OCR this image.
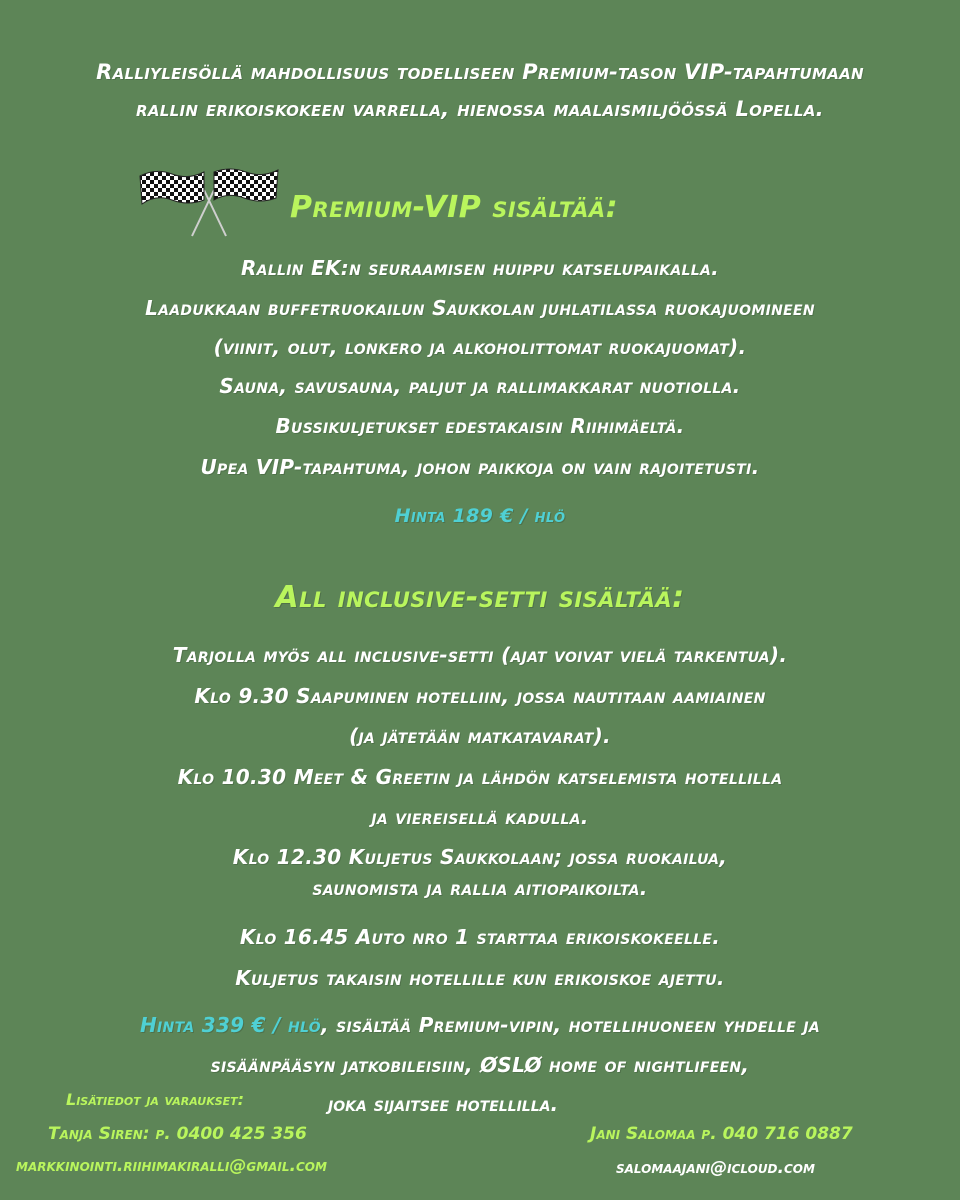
Ralliyleisöllä mahdollisuus todelliseen Premium-tason VIP-tapahtumaan
rallin erikoiskokeen varrella, hienossa maalaismiljöössä Lopella.
Premium-VIP sisältää:
Rallin EK:n seuraamisen huippu katselupaikalla.
Laadukkaan buffetruokailun Saukkolan juhlatilassa ruokajuomineen
(viinit, olut, lonkero ja alkoholittomat ruokajuomat).
Sauna, savusauna, paljut ja rallimakkarat nuotiolla.
Bussikuljetukset edestakaisin Riihimäeltä.
Upea VIP-tapahtuma, johon paikkoja on vain rajoitetusti.
Hinta 189 € / hlö
All inclusive-setti sisältää:
Tarjolla myös all inclusive-setti (ajat voivat vielä tarkentua).
Klo 9.30 Saapuminen hotelliin, jossa nautitaan aamiainen
(ja jätetään matkatavarat).
Klo 10.30 Meet & Greetin ja lähdön katselemista hotellilla
ja viereisellä kadulla.
Klo 12.30 Kuljetus Saukkolaan; jossa ruokailua,
saunomista ja rallia aitiopaikoilta.
Klo 16.45 Auto nro 1 starttaa erikoiskokeelle.
Kuljetus takaisin hotellille kun erikoiskoe ajettu.
Hinta 339 € / hlö, sisältää Premium-vipin, hotellihuoneen yhdelle ja
sisäänpääsyn jatkobileisiin, ØSLØ home of nightlifeen,
Lisätiedot ja varaukset:	joka sijaitsee hotellilla.
Tanja Siren: p. 0400 425 356
markkinointi.riihimakiralli@gmail.com
Jani Salomaa p. 040 716 0887
salomaajani@icloud.com
